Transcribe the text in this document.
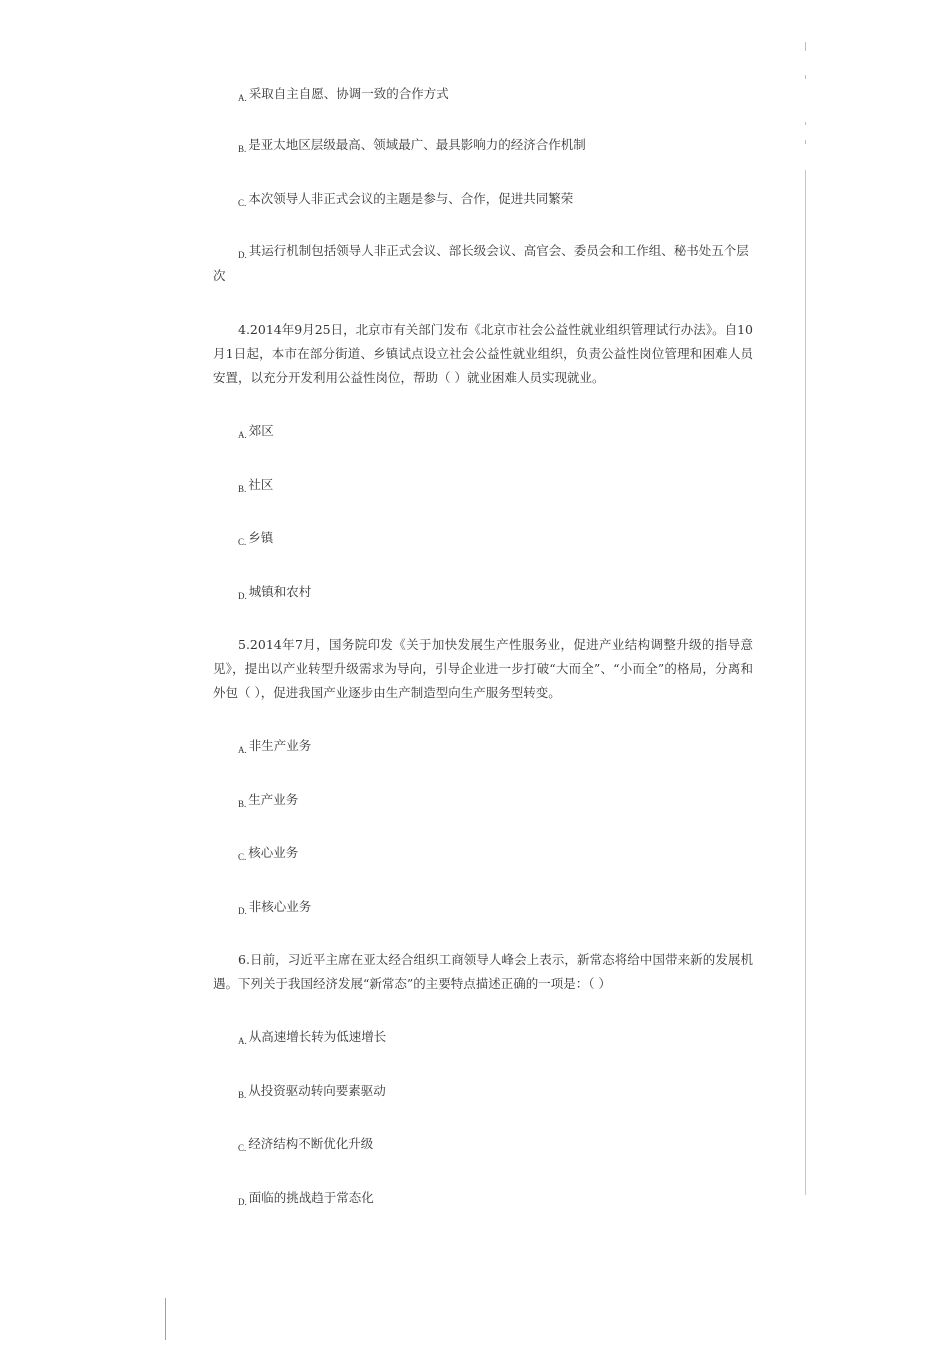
$_{A.}$ 采取自主自愿、协调一致的合作方式
$_{B.}$ 是亚太地区层级最高、领域最广、最具影响力的经济合作机制
$_{C.}$ 本次领导人非正式会议的主题是参与、合作，促进共同繁荣
$_{D.}$ 其运行机制包括领导人非正式会议、部长级会议、高官会、委员会和工作组、秘书处五个层次
4.2014年9月25日，北京市有关部门发布《北京市社会公益性就业组织管理试行办法》。自10月1日起，本市在部分街道、乡镇试点设立社会公益性就业组织，负责公益性岗位管理和困难人员安置，以充分开发利用公益性岗位，帮助（ ）就业困难人员实现就业。
$_{A.}$ 郊区
$_{B.}$ 社区
$_{C.}$ 乡镇
$_{D.}$ 城镇和农村
5.2014年7月，国务院印发《关于加快发展生产性服务业，促进产业结构调整升级的指导意见》，提出以产业转型升级需求为导向，引导企业进一步打破“大而全”、“小而全”的格局，分离和外包（ ），促进我国产业逐步由生产制造型向生产服务型转变。
$_{A.}$ 非生产业务
$_{B.}$ 生产业务
$_{C.}$ 核心业务
$_{D.}$ 非核心业务
6.日前，习近平主席在亚太经合组织工商领导人峰会上表示，新常态将给中国带来新的发展机遇。下列关于我国经济发展“新常态”的主要特点描述正确的一项是：（ ）
$_{A.}$ 从高速增长转为低速增长
$_{B.}$ 从投资驱动转向要素驱动
$_{C.}$ 经济结构不断优化升级
$_{D.}$ 面临的挑战趋于常态化
